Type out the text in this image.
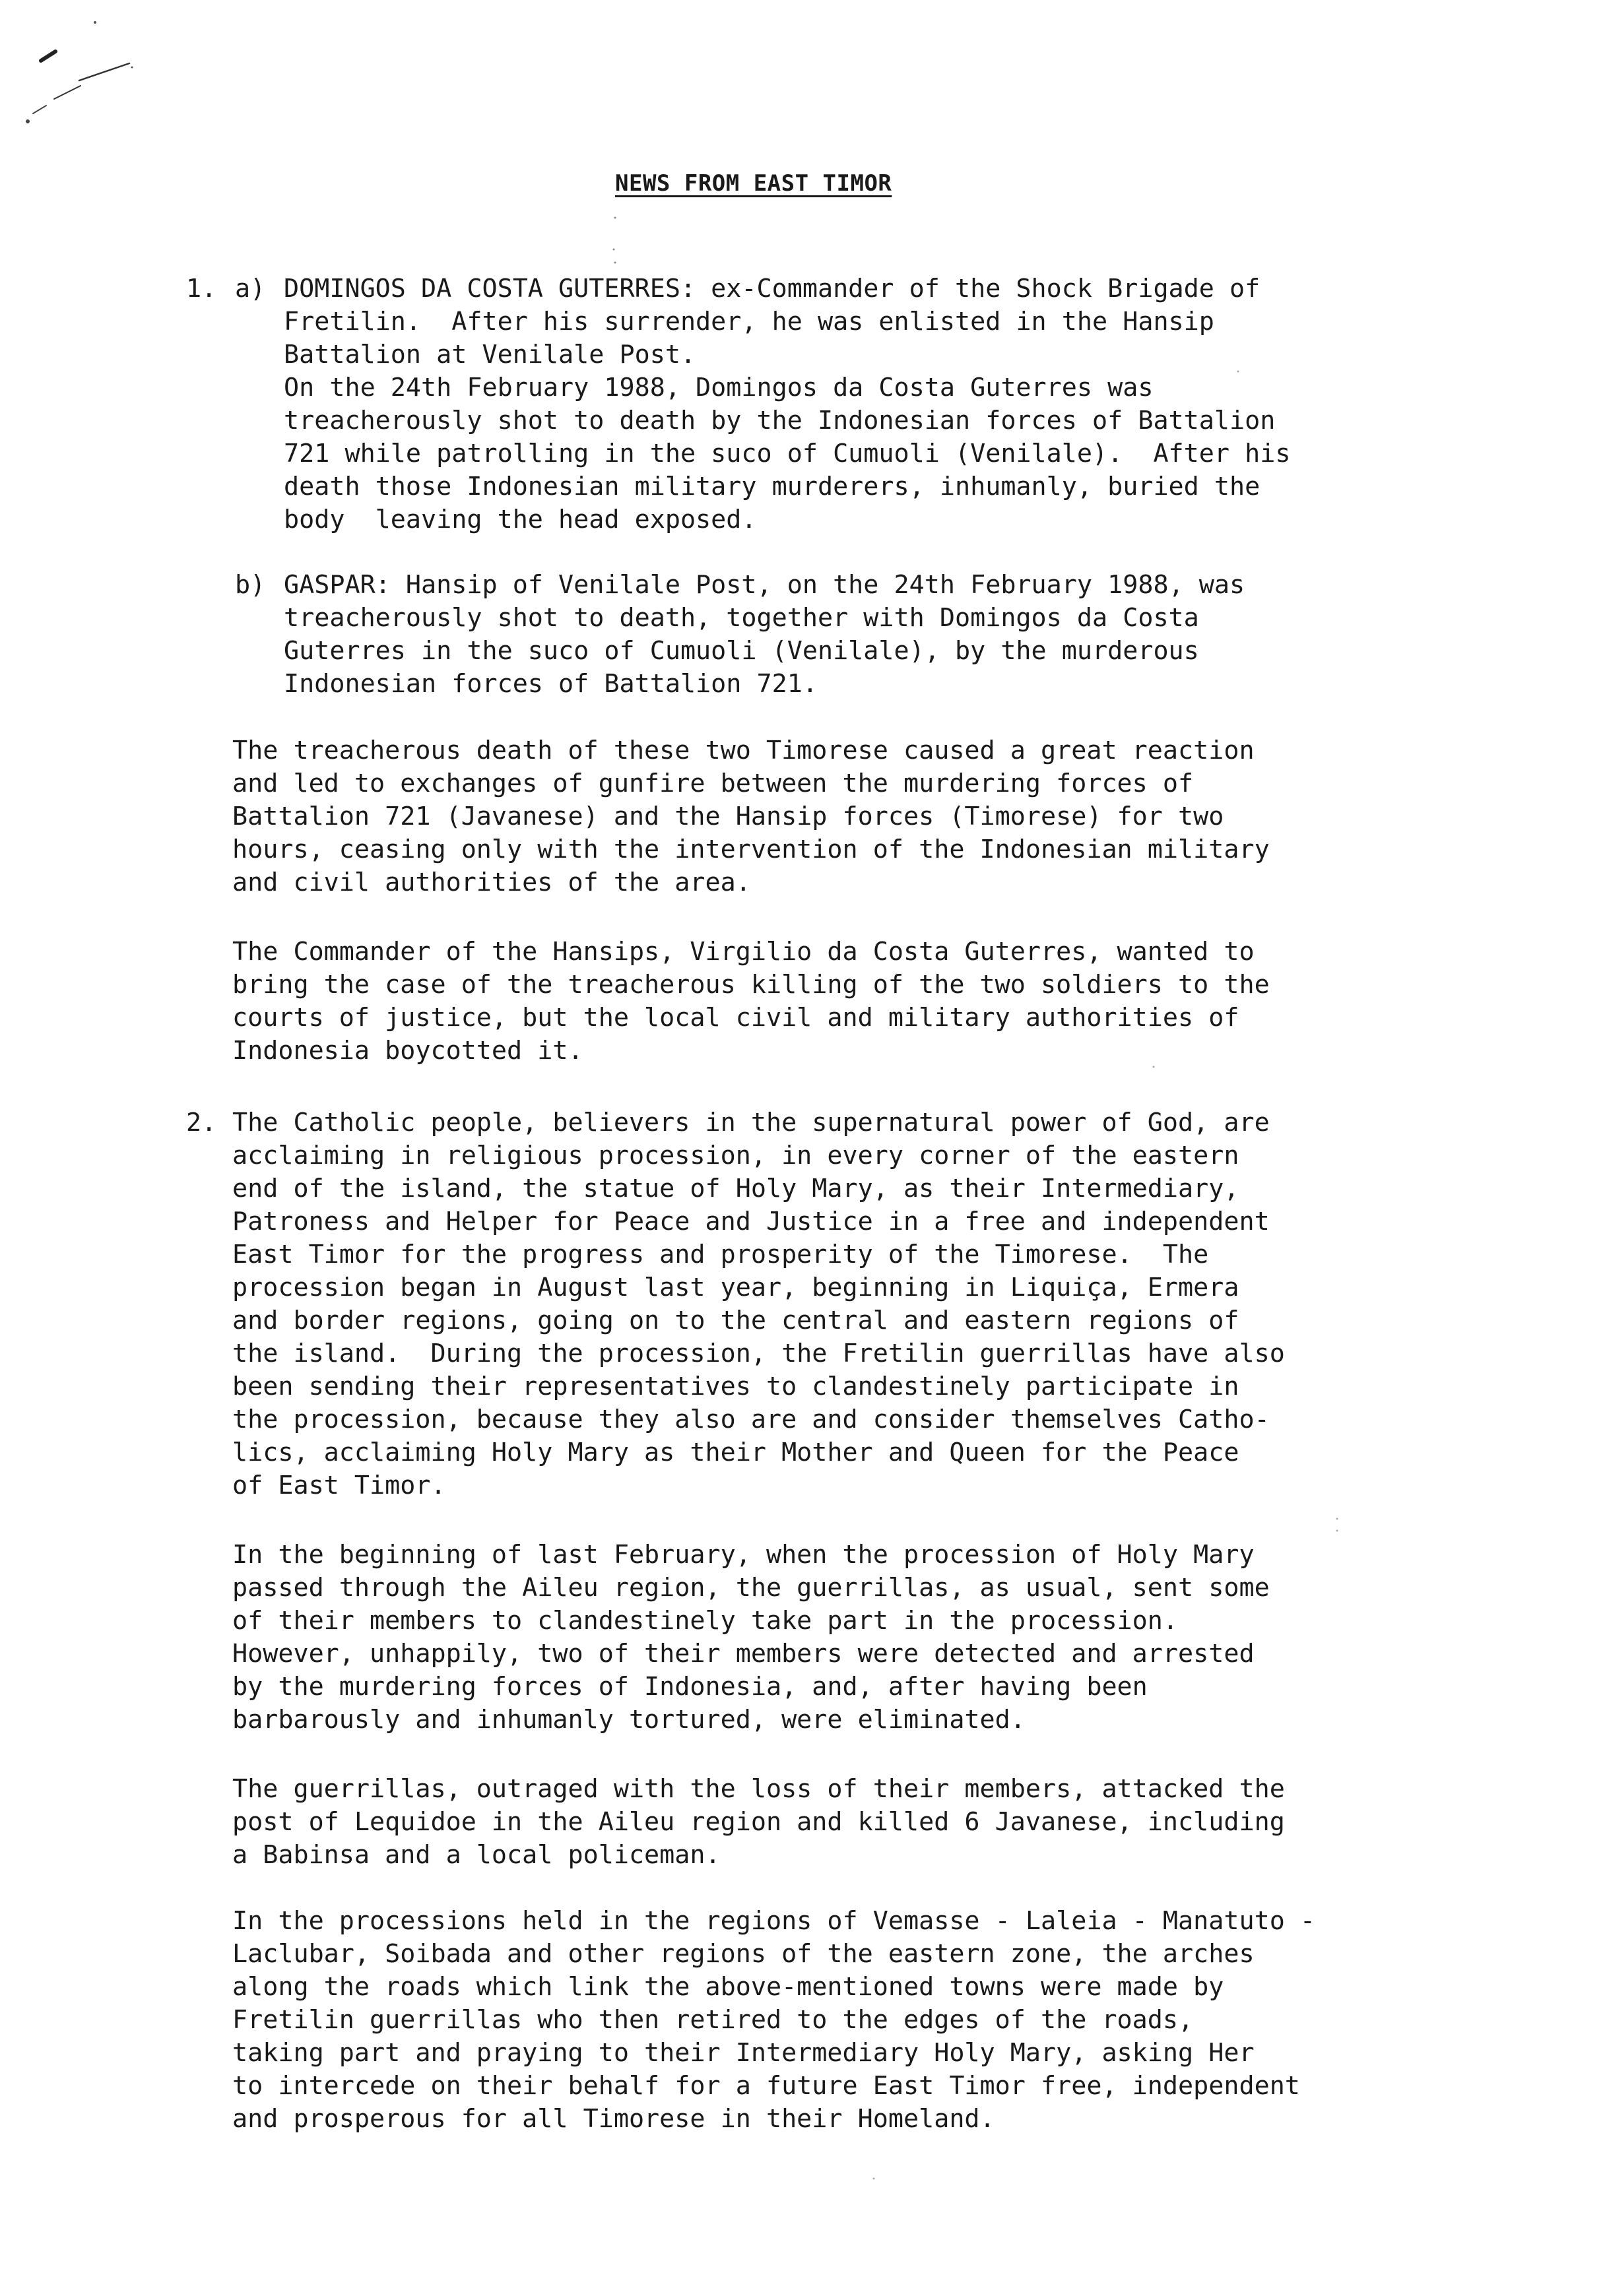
NEWS FROM EAST TIMOR
1. a) DOMINGOS DA COSTA GUTERRES: ex-Commander of the Shock Brigade of
Fretilin.  After his surrender, he was enlisted in the Hansip
Battalion at Venilale Post.
On the 24th February 1988, Domingos da Costa Guterres was
treacherously shot to death by the Indonesian forces of Battalion
721 while patrolling in the suco of Cumuoli (Venilale).  After his
death those Indonesian military murderers, inhumanly, buried the
body  leaving the head exposed.
b) GASPAR: Hansip of Venilale Post, on the 24th February 1988, was
treacherously shot to death, together with Domingos da Costa
Guterres in the suco of Cumuoli (Venilale), by the murderous
Indonesian forces of Battalion 721.
The treacherous death of these two Timorese caused a great reaction
and led to exchanges of gunfire between the murdering forces of
Battalion 721 (Javanese) and the Hansip forces (Timorese) for two
hours, ceasing only with the intervention of the Indonesian military
and civil authorities of the area.
The Commander of the Hansips, Virgilio da Costa Guterres, wanted to
bring the case of the treacherous killing of the two soldiers to the
courts of justice, but the local civil and military authorities of
Indonesia boycotted it.
2. The Catholic people, believers in the supernatural power of God, are
acclaiming in religious procession, in every corner of the eastern
end of the island, the statue of Holy Mary, as their Intermediary,
Patroness and Helper for Peace and Justice in a free and independent
East Timor for the progress and prosperity of the Timorese.  The
procession began in August last year, beginning in Liquiça, Ermera
and border regions, going on to the central and eastern regions of
the island.  During the procession, the Fretilin guerrillas have also
been sending their representatives to clandestinely participate in
the procession, because they also are and consider themselves Catho-
lics, acclaiming Holy Mary as their Mother and Queen for the Peace
of East Timor.
In the beginning of last February, when the procession of Holy Mary
passed through the Aileu region, the guerrillas, as usual, sent some
of their members to clandestinely take part in the procession.
However, unhappily, two of their members were detected and arrested
by the murdering forces of Indonesia, and, after having been
barbarously and inhumanly tortured, were eliminated.
The guerrillas, outraged with the loss of their members, attacked the
post of Lequidoe in the Aileu region and killed 6 Javanese, including
a Babinsa and a local policeman.
In the processions held in the regions of Vemasse - Laleia - Manatuto -
Laclubar, Soibada and other regions of the eastern zone, the arches
along the roads which link the above-mentioned towns were made by
Fretilin guerrillas who then retired to the edges of the roads,
taking part and praying to their Intermediary Holy Mary, asking Her
to intercede on their behalf for a future East Timor free, independent
and prosperous for all Timorese in their Homeland.
